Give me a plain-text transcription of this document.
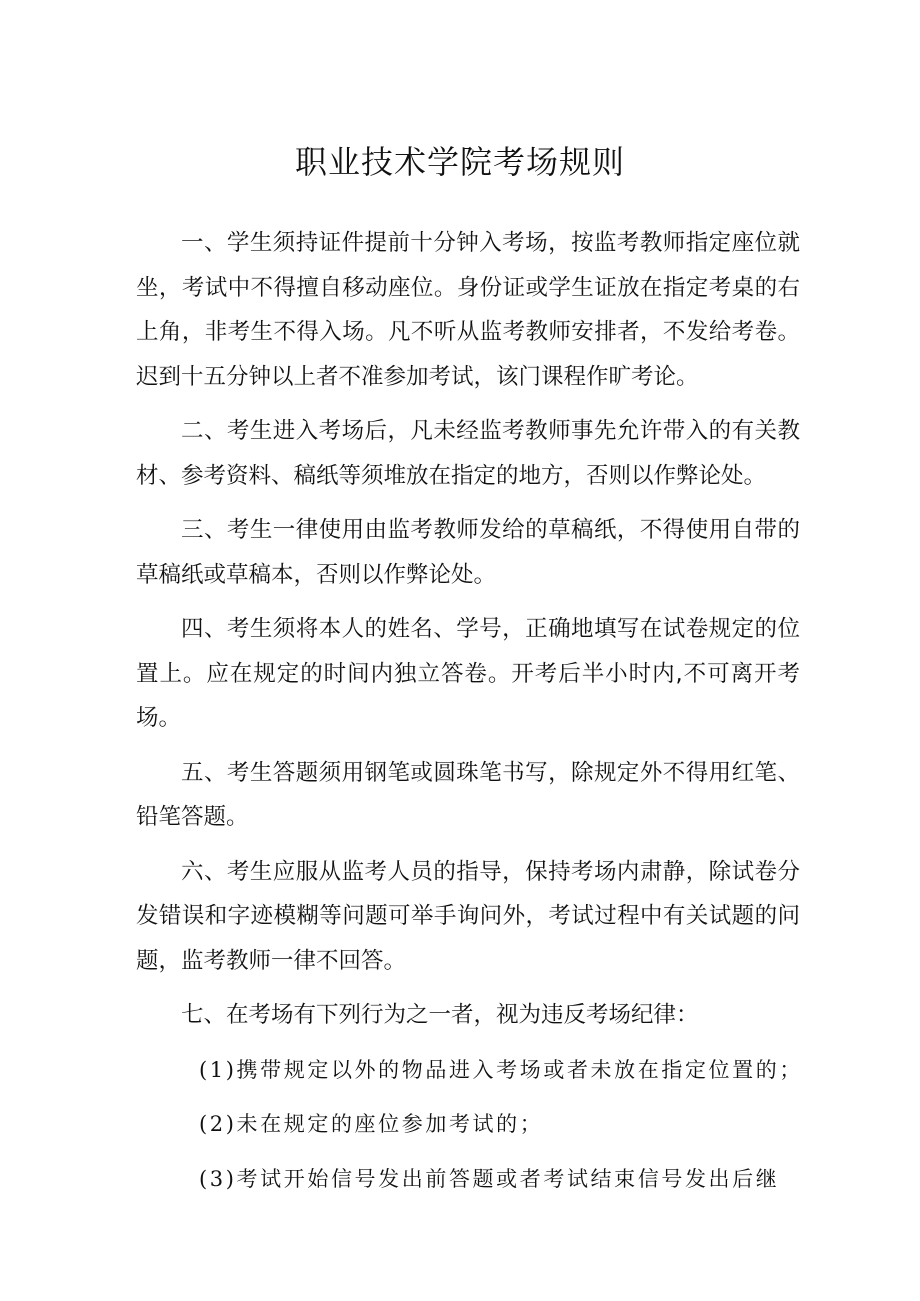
职业技术学院考场规则

一、学生须持证件提前十分钟入考场，按监考教师指定座位就坐，考试中不得擅自移动座位。身份证或学生证放在指定考桌的右上角，非考生不得入场。凡不听从监考教师安排者，不发给考卷。迟到十五分钟以上者不准参加考试，该门课程作旷考论。

二、考生进入考场后，凡未经监考教师事先允许带入的有关教材、参考资料、稿纸等须堆放在指定的地方，否则以作弊论处。

三、考生一律使用由监考教师发给的草稿纸，不得使用自带的草稿纸或草稿本，否则以作弊论处。

四、考生须将本人的姓名、学号，正确地填写在试卷规定的位置上。应在规定的时间内独立答卷。开考后半小时内,不可离开考场。

五、考生答题须用钢笔或圆珠笔书写，除规定外不得用红笔、铅笔答题。

六、考生应服从监考人员的指导，保持考场内肃静，除试卷分发错误和字迹模糊等问题可举手询问外，考试过程中有关试题的问题，监考教师一律不回答。

七、在考场有下列行为之一者，视为违反考场纪律：

(1)携带规定以外的物品进入考场或者未放在指定位置的；

(2)未在规定的座位参加考试的；

(3)考试开始信号发出前答题或者考试结束信号发出后继
